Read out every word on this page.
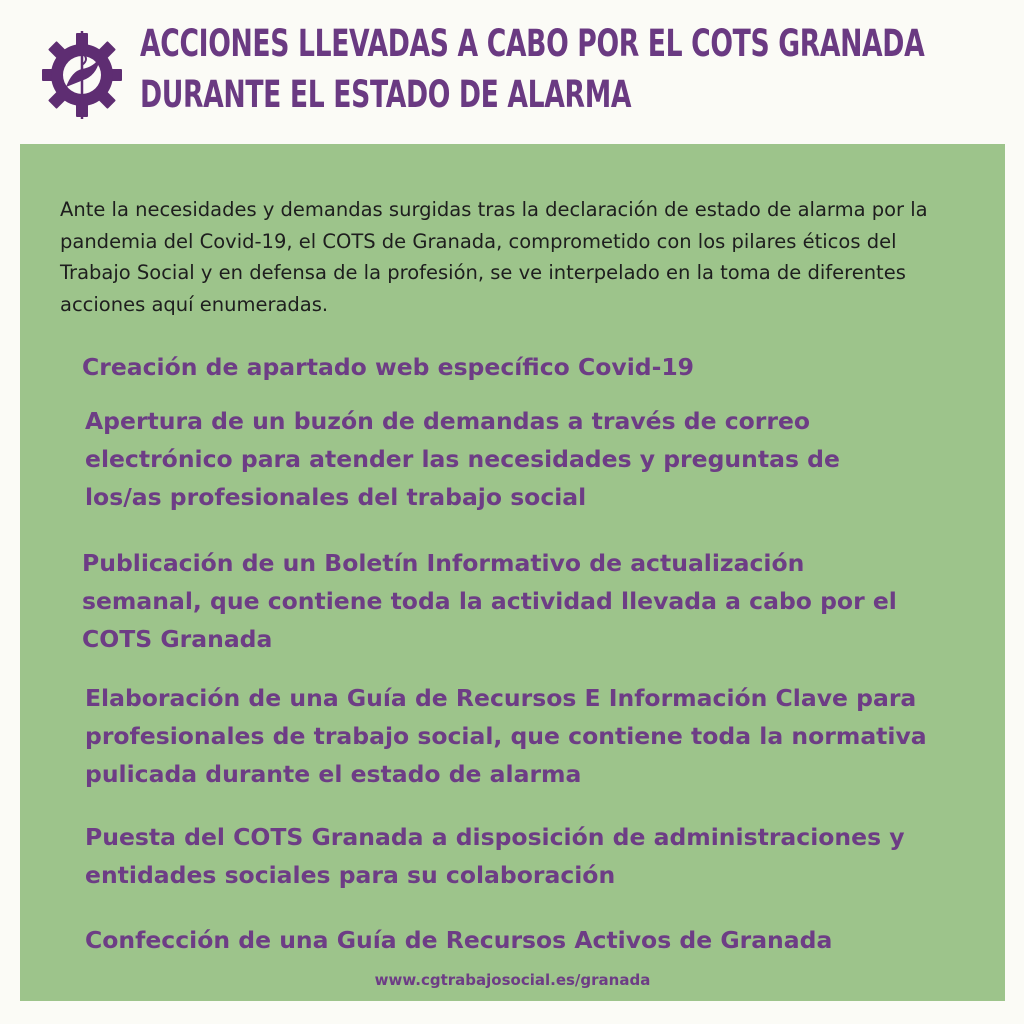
ACCIONES LLEVADAS A CABO POR EL COTS GRANADA
DURANTE EL ESTADO DE ALARMA

Ante la necesidades y demandas surgidas tras la declaración de estado de alarma por la pandemia del Covid-19, el COTS de Granada, comprometido con los pilares éticos del Trabajo Social y en defensa de la profesión, se ve interpelado en la toma de diferentes acciones aquí enumeradas.

Creación de apartado web específico Covid-19

Apertura de un buzón de demandas a través de correo electrónico para atender las necesidades y preguntas de los/as profesionales del trabajo social

Publicación de un Boletín Informativo de actualización semanal, que contiene toda la actividad llevada a cabo por el COTS Granada

Elaboración de una Guía de Recursos E Información Clave para profesionales de trabajo social, que contiene toda la normativa pulicada durante el estado de alarma

Puesta del COTS Granada a disposición de administraciones y entidades sociales para su colaboración

Confección de una Guía de Recursos Activos de Granada

www.cgtrabajosocial.es/granada
